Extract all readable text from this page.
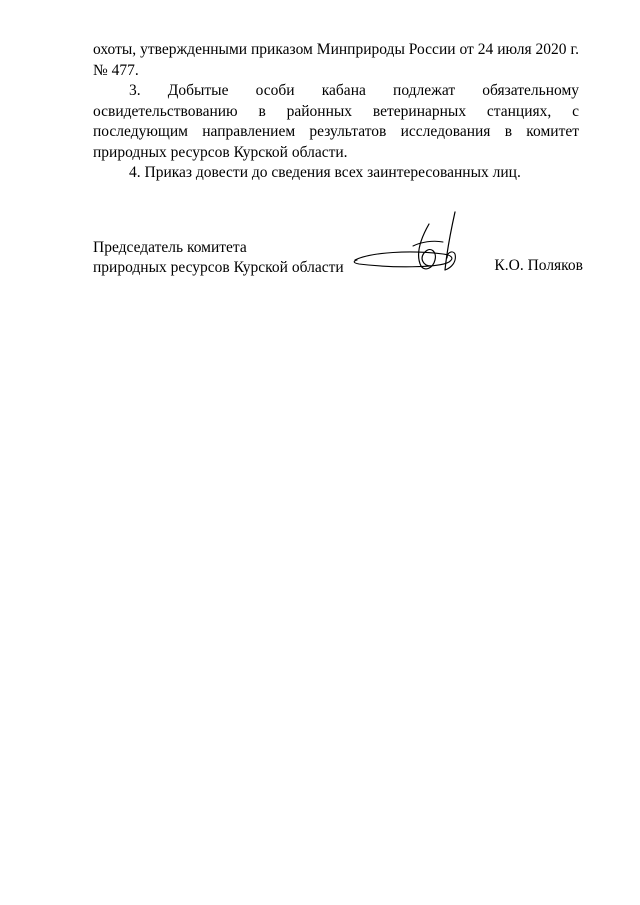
охоты, утвержденными приказом Минприроды России от 24 июля 2020 г. № 477.

3. Добытые особи кабана подлежат обязательному освидетельствованию в районных ветеринарных станциях, с последующим направлением результатов исследования в комитет природных ресурсов Курской области.

4. Приказ довести до сведения всех заинтересованных лиц.

Председатель комитета
природных ресурсов Курской области	К.О. Поляков
